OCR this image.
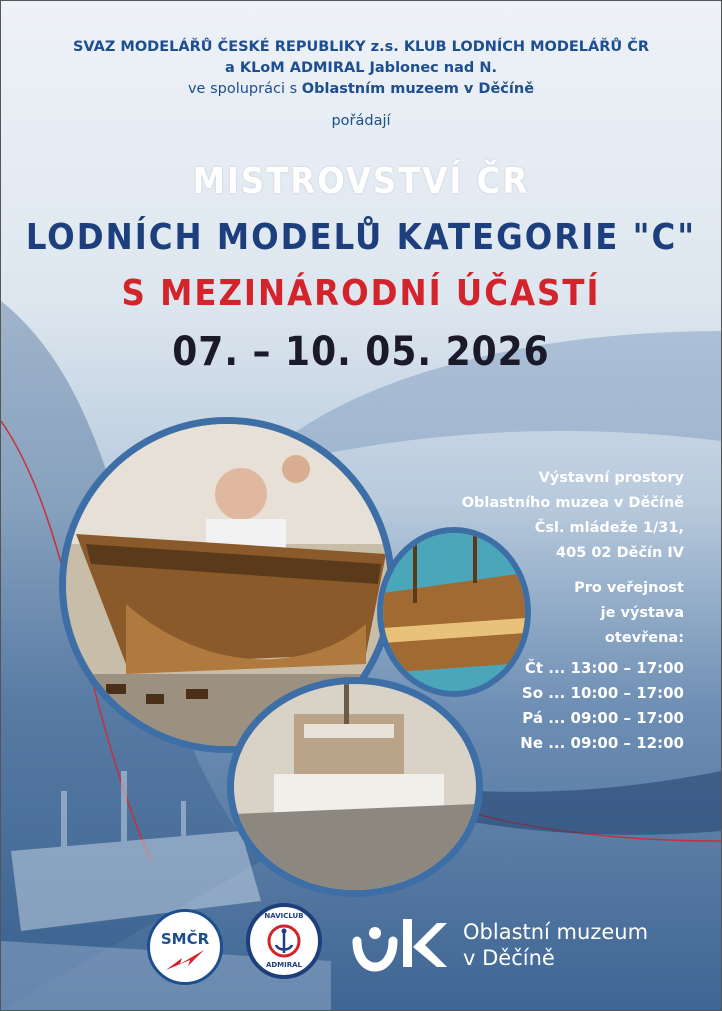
SVAZ MODELÁŘŮ ČESKÉ REPUBLIKY z.s. KLUB LODNÍCH MODELÁŘŮ ČR
a KLoM ADMIRAL Jablonec nad N.
ve spolupráci s Oblastním muzeem v Děčíně
pořádají
MISTROVSTVÍ ČR
LODNÍCH MODELŮ KATEGORIE "C"
S MEZINÁRODNÍ ÚČASTÍ
07. – 10. 05. 2026
Výstavní prostory
Oblastního muzea v Děčíně
Čsl. mládeže 1/31,
405 02 Děčín IV
Pro veřejnost
je výstava
otevřena:
Čt ... 13:00 – 17:00
So ... 10:00 – 17:00
Pá ... 09:00 – 17:00
Ne ... 09:00 – 12:00
SMČR
NAVICLUB
ADMIRAL
Oblastní muzeum
v Děčíně
